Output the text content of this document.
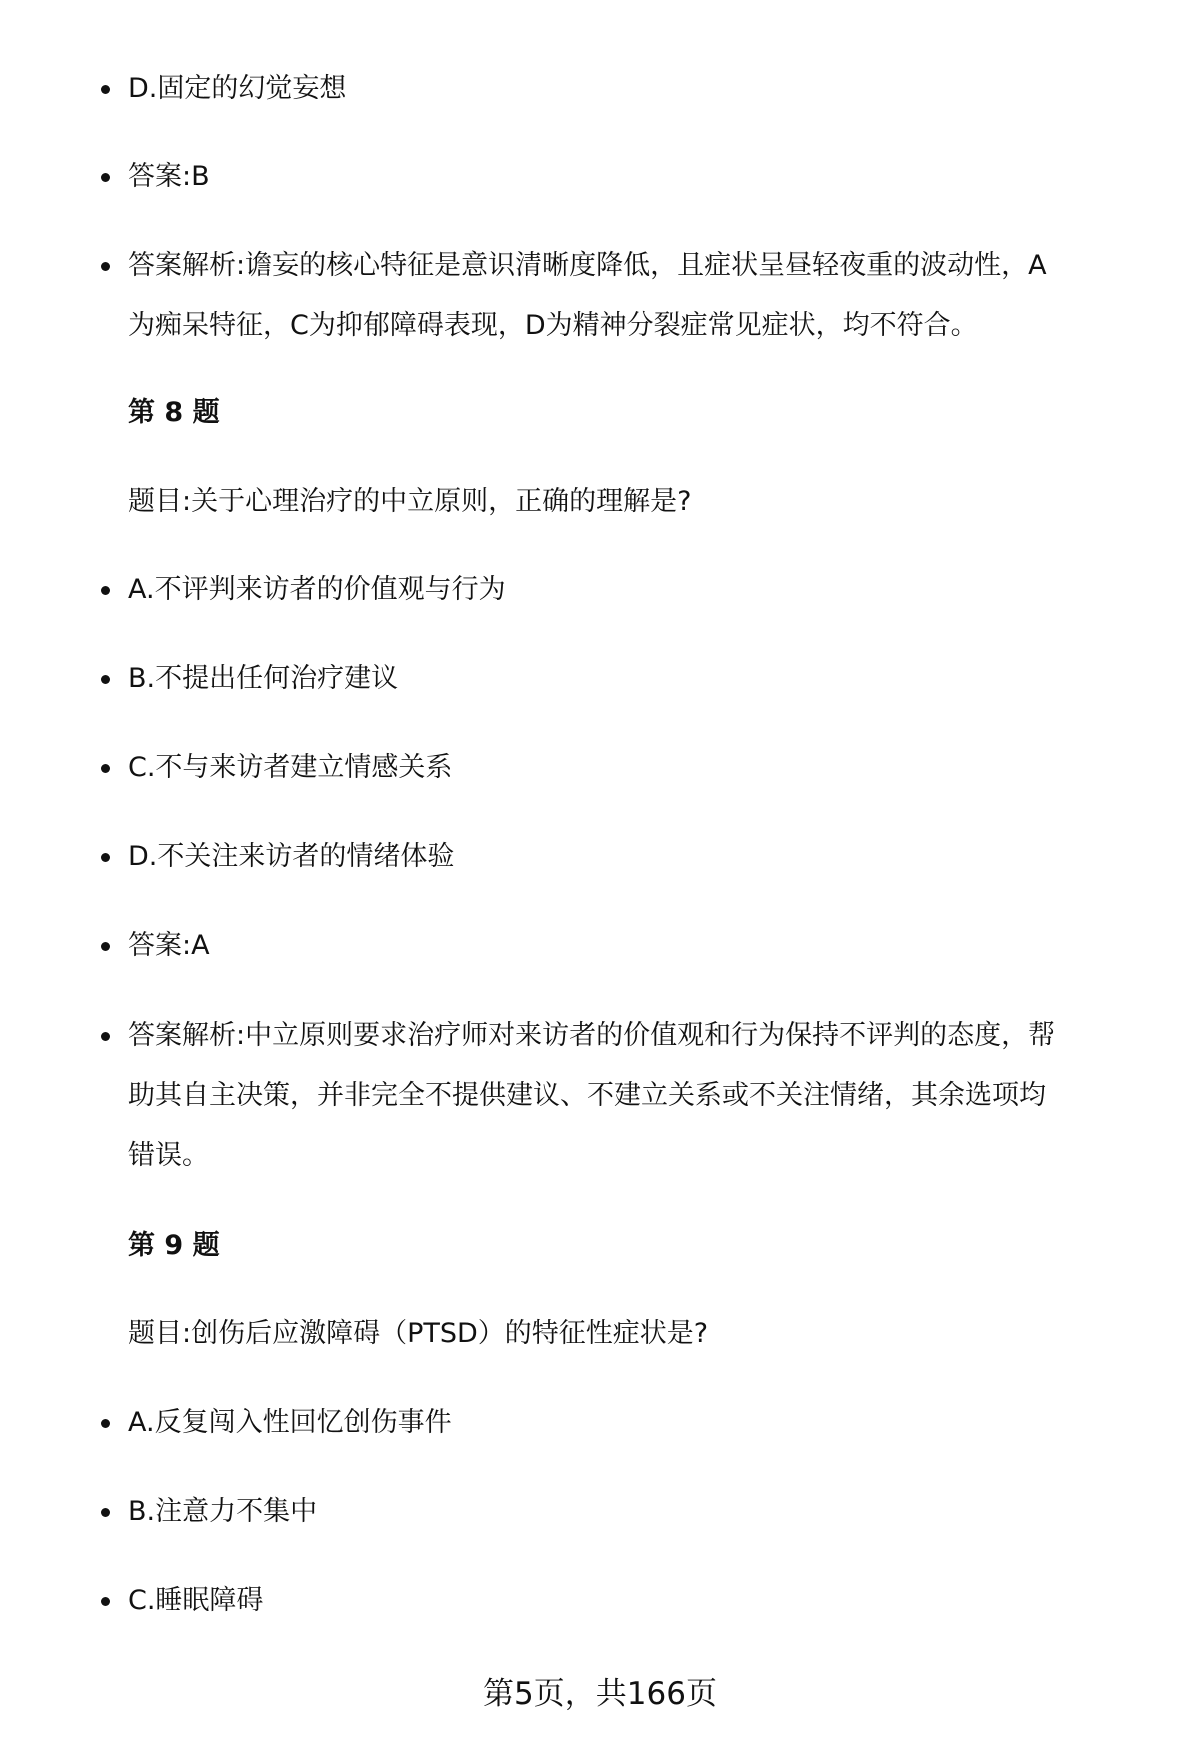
D.固定的幻觉妄想
答案:B
答案解析:谵妄的核心特征是意识清晰度降低，且症状呈昼轻夜重的波动性，A
为痴呆特征，C为抑郁障碍表现，D为精神分裂症常见症状，均不符合。
第 8 题
题目:关于心理治疗的中立原则，正确的理解是?
A.不评判来访者的价值观与行为
B.不提出任何治疗建议
C.不与来访者建立情感关系
D.不关注来访者的情绪体验
答案:A
答案解析:中立原则要求治疗师对来访者的价值观和行为保持不评判的态度，帮
助其自主决策，并非完全不提供建议、不建立关系或不关注情绪，其余选项均
错误。
第 9 题
题目:创伤后应激障碍（PTSD）的特征性症状是?
A.反复闯入性回忆创伤事件
B.注意力不集中
C.睡眠障碍
第5页，共166页
